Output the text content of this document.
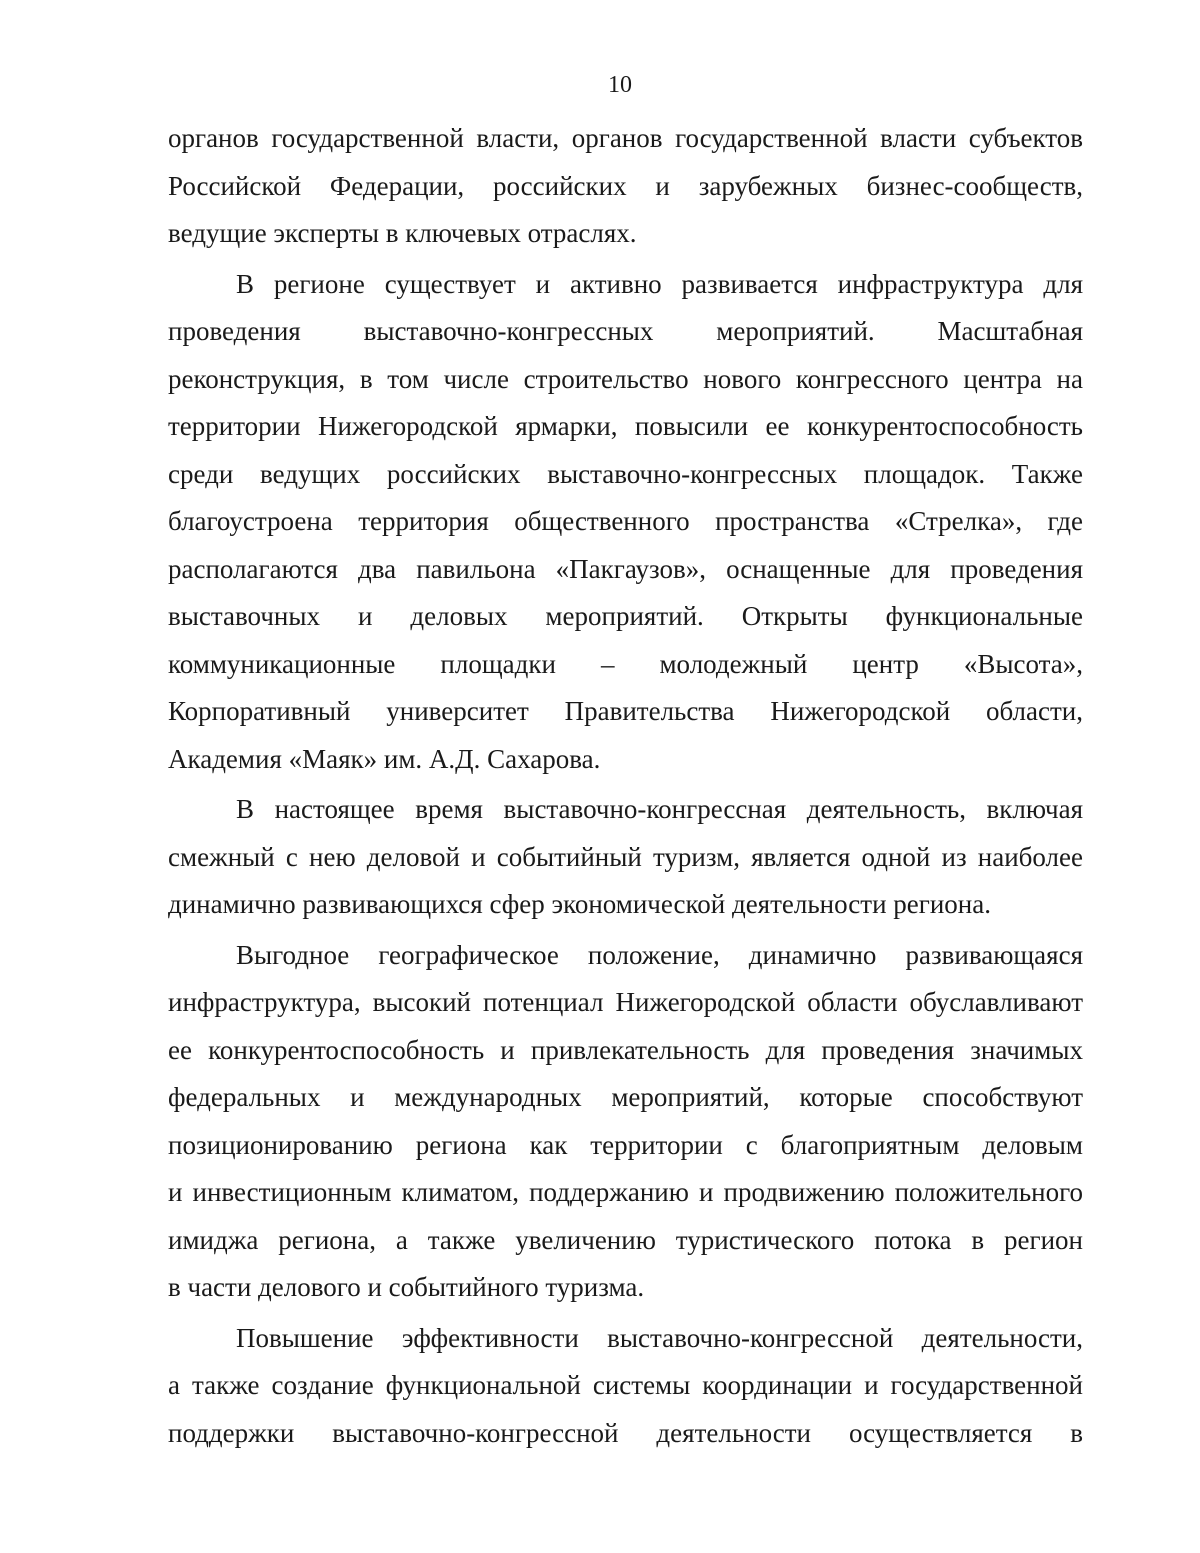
10
органов государственной власти, органов государственной власти субъектов
Российской Федерации, российских и зарубежных бизнес-сообществ,
ведущие эксперты в ключевых отраслях.
В регионе существует и активно развивается инфраструктура для
проведения выставочно-конгрессных мероприятий. Масштабная
реконструкция, в том числе строительство нового конгрессного центра на
территории Нижегородской ярмарки, повысили ее конкурентоспособность
среди ведущих российских выставочно-конгрессных площадок. Также
благоустроена территория общественного пространства «Стрелка», где
располагаются два павильона «Пакгаузов», оснащенные для проведения
выставочных и деловых мероприятий. Открыты функциональные
коммуникационные площадки – молодежный центр «Высота»,
Корпоративный университет Правительства Нижегородской области,
Академия «Маяк» им. А.Д. Сахарова.
В настоящее время выставочно-конгрессная деятельность, включая
смежный с нею деловой и событийный туризм, является одной из наиболее
динамично развивающихся сфер экономической деятельности региона.
Выгодное географическое положение, динамично развивающаяся
инфраструктура, высокий потенциал Нижегородской области обуславливают
ее конкурентоспособность и привлекательность для проведения значимых
федеральных и международных мероприятий, которые способствуют
позиционированию региона как территории с благоприятным деловым
и инвестиционным климатом, поддержанию и продвижению положительного
имиджа региона, а также увеличению туристического потока в регион
в части делового и событийного туризма.
Повышение эффективности выставочно-конгрессной деятельности,
а также создание функциональной системы координации и государственной
поддержки выставочно-конгрессной деятельности осуществляется в
